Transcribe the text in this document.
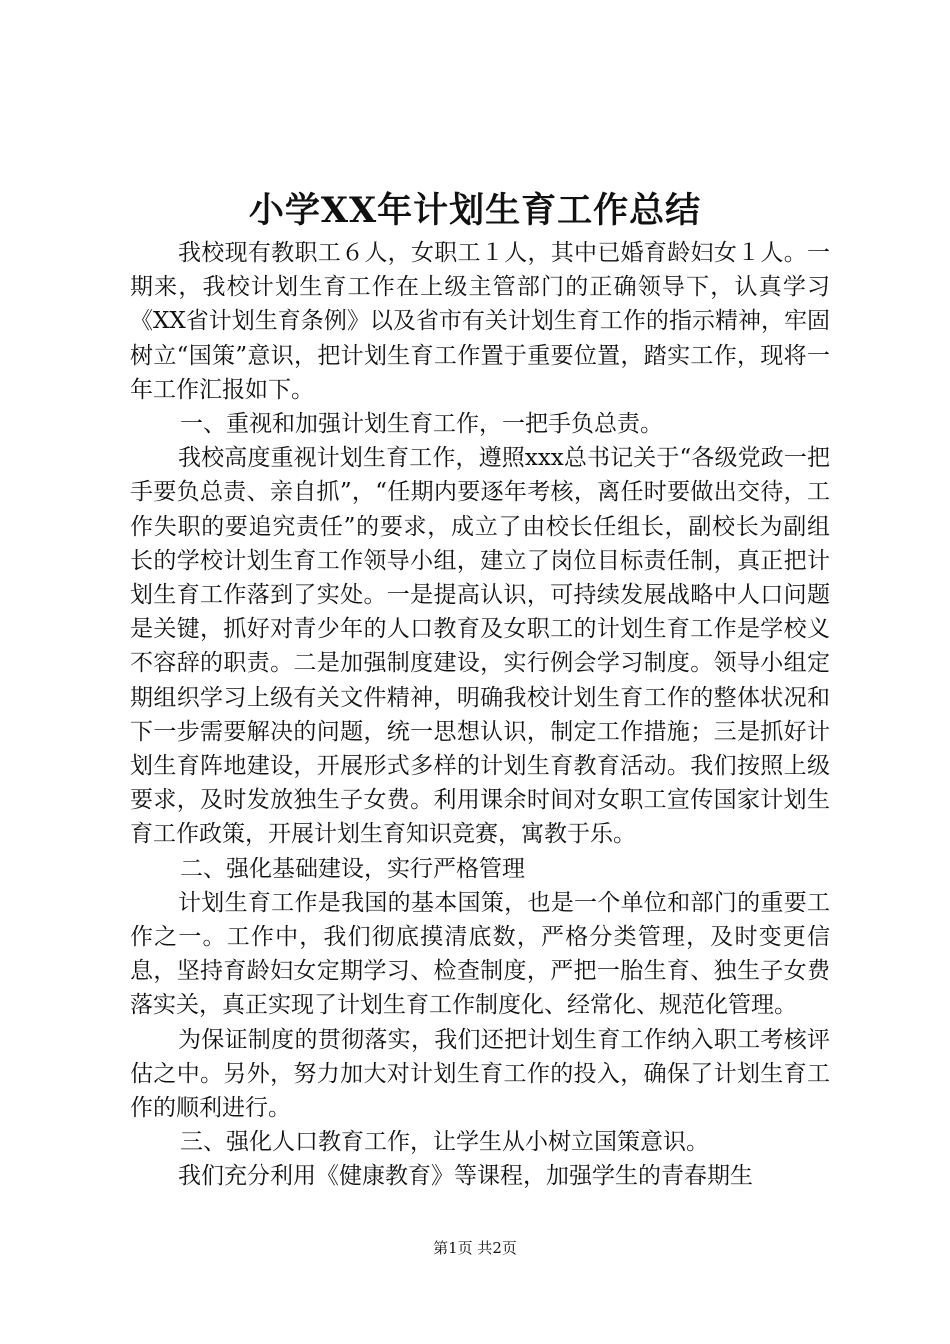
小学XX年计划生育工作总结

我校现有教职工６人，女职工１人，其中已婚育龄妇女１人。一期来，我校计划生育工作在上级主管部门的正确领导下，认真学习《XX省计划生育条例》以及省市有关计划生育工作的指示精神，牢固树立“国策”意识，把计划生育工作置于重要位置，踏实工作，现将一年工作汇报如下。

一、重视和加强计划生育工作，一把手负总责。

我校高度重视计划生育工作，遵照xxx总书记关于“各级党政一把手要负总责、亲自抓”，“任期内要逐年考核，离任时要做出交待，工作失职的要追究责任”的要求，成立了由校长任组长，副校长为副组长的学校计划生育工作领导小组，建立了岗位目标责任制，真正把计划生育工作落到了实处。一是提高认识，可持续发展战略中人口问题是关键，抓好对青少年的人口教育及女职工的计划生育工作是学校义不容辞的职责。二是加强制度建设，实行例会学习制度。领导小组定期组织学习上级有关文件精神，明确我校计划生育工作的整体状况和下一步需要解决的问题，统一思想认识，制定工作措施；三是抓好计划生育阵地建设，开展形式多样的计划生育教育活动。我们按照上级要求，及时发放独生子女费。利用课余时间对女职工宣传国家计划生育工作政策，开展计划生育知识竞赛，寓教于乐。

二、强化基础建设，实行严格管理

计划生育工作是我国的基本国策，也是一个单位和部门的重要工作之一。工作中，我们彻底摸清底数，严格分类管理，及时变更信息，坚持育龄妇女定期学习、检查制度，严把一胎生育、独生子女费落实关，真正实现了计划生育工作制度化、经常化、规范化管理。

为保证制度的贯彻落实，我们还把计划生育工作纳入职工考核评估之中。另外，努力加大对计划生育工作的投入，确保了计划生育工作的顺利进行。

三、强化人口教育工作，让学生从小树立国策意识。

我们充分利用《健康教育》等课程，加强学生的青春期生

第1页 共2页
